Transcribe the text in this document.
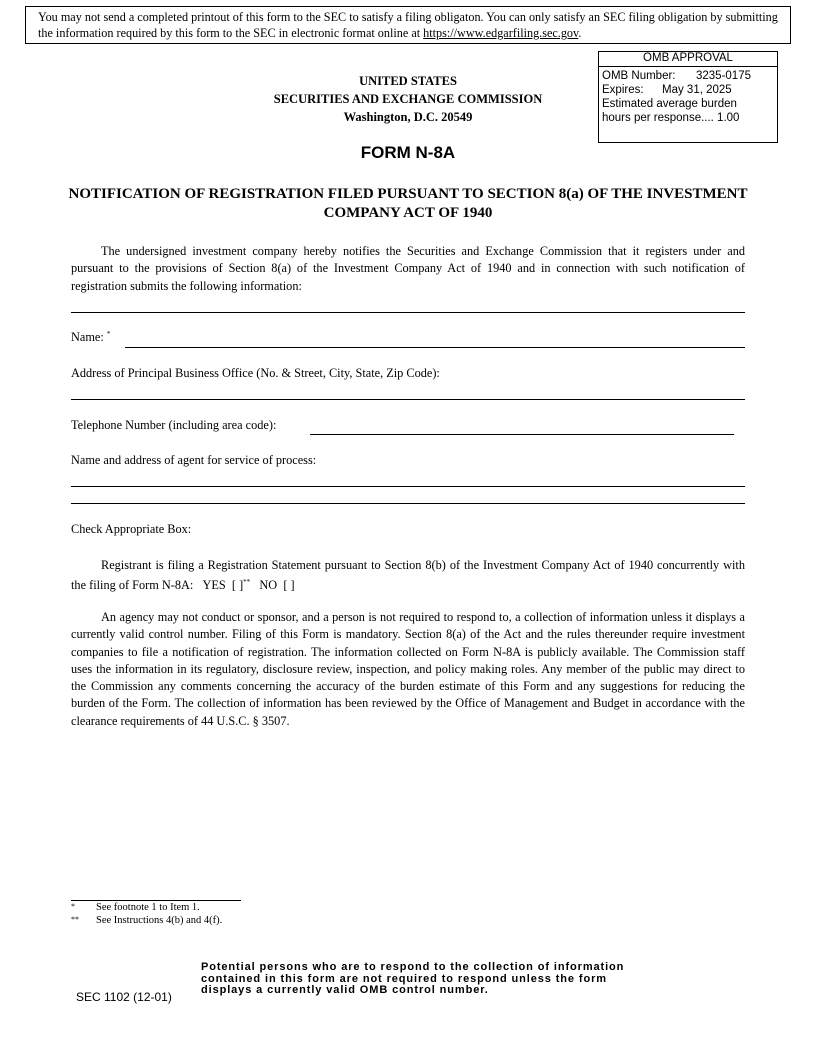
You may not send a completed printout of this form to the SEC to satisfy a filing obligaton. You can only satisfy an SEC filing obligation by submitting the information required by this form to the SEC in electronic format online at https://www.edgarfiling.sec.gov.
OMB APPROVAL
OMB Number: 3235-0175
Expires: May 31, 2025
Estimated average burden
hours per response.... 1.00
UNITED STATES
SECURITIES AND EXCHANGE COMMISSION
Washington, D.C. 20549
FORM N-8A
NOTIFICATION OF REGISTRATION FILED PURSUANT TO SECTION 8(a) OF THE INVESTMENT COMPANY ACT OF 1940
The undersigned investment company hereby notifies the Securities and Exchange Commission that it registers under and pursuant to the provisions of Section 8(a) of the Investment Company Act of 1940 and in connection with such notification of registration submits the following information:
Name: *
Address of Principal Business Office (No. & Street, City, State, Zip Code):
Telephone Number (including area code):
Name and address of agent for service of process:
Check Appropriate Box:
Registrant is filing a Registration Statement pursuant to Section 8(b) of the Investment Company Act of 1940 concurrently with the filing of Form N-8A: YES [ ]** NO [ ]
An agency may not conduct or sponsor, and a person is not required to respond to, a collection of information unless it displays a currently valid control number. Filing of this Form is mandatory. Section 8(a) of the Act and the rules thereunder require investment companies to file a notification of registration. The information collected on Form N-8A is publicly available. The Commission staff uses the information in its regulatory, disclosure review, inspection, and policy making roles. Any member of the public may direct to the Commission any comments concerning the accuracy of the burden estimate of this Form and any suggestions for reducing the burden of the Form. The collection of information has been reviewed by the Office of Management and Budget in accordance with the clearance requirements of 44 U.S.C. § 3507.
* See footnote 1 to Item 1.
** See Instructions 4(b) and 4(f).
Potential persons who are to respond to the collection of information contained in this form are not required to respond unless the form displays a currently valid OMB control number.
SEC 1102 (12-01)
